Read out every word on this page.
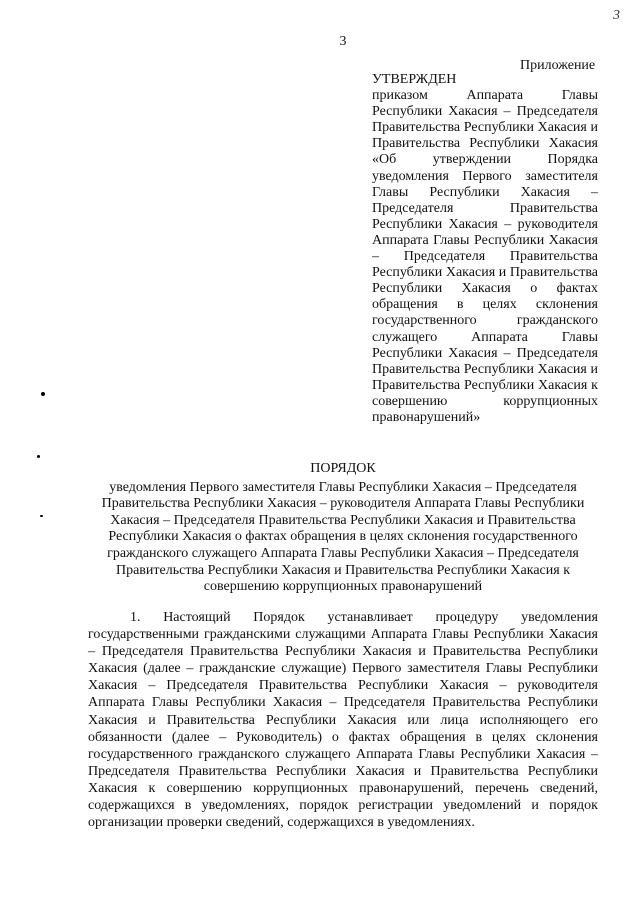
3
3
Приложение
УТВЕРЖДЕН
приказом Аппарата Главы Республики Хакасия – Председателя Правительства Республики Хакасия и Правительства Республики Хакасия «Об утверждении Порядка уведомления Первого заместителя Главы Республики Хакасия – Председателя Правительства Республики Хакасия – руководителя Аппарата Главы Республики Хакасия – Председателя Правительства Республики Хакасия и Правительства Республики Хакасия о фактах обращения в целях склонения государственного гражданского служащего Аппарата Главы Республики Хакасия – Председателя Правительства Республики Хакасия и Правительства Республики Хакасия к совершению коррупционных правонарушений»
ПОРЯДОК
уведомления Первого заместителя Главы Республики Хакасия – Председателя Правительства Республики Хакасия – руководителя Аппарата Главы Республики Хакасия – Председателя Правительства Республики Хакасия и Правительства Республики Хакасия о фактах обращения в целях склонения государственного гражданского служащего Аппарата Главы Республики Хакасия – Председателя Правительства Республики Хакасия и Правительства Республики Хакасия к совершению коррупционных правонарушений
1. Настоящий Порядок устанавливает процедуру уведомления государственными гражданскими служащими Аппарата Главы Республики Хакасия – Председателя Правительства Республики Хакасия и Правительства Республики Хакасия (далее – гражданские служащие) Первого заместителя Главы Республики Хакасия – Председателя Правительства Республики Хакасия – руководителя Аппарата Главы Республики Хакасия – Председателя Правительства Республики Хакасия и Правительства Республики Хакасия или лица исполняющего его обязанности (далее – Руководитель) о фактах обращения в целях склонения государственного гражданского служащего Аппарата Главы Республики Хакасия – Председателя Правительства Республики Хакасия и Правительства Республики Хакасия к совершению коррупционных правонарушений, перечень сведений, содержащихся в уведомлениях, порядок регистрации уведомлений и порядок организации проверки сведений, содержащихся в уведомлениях.
